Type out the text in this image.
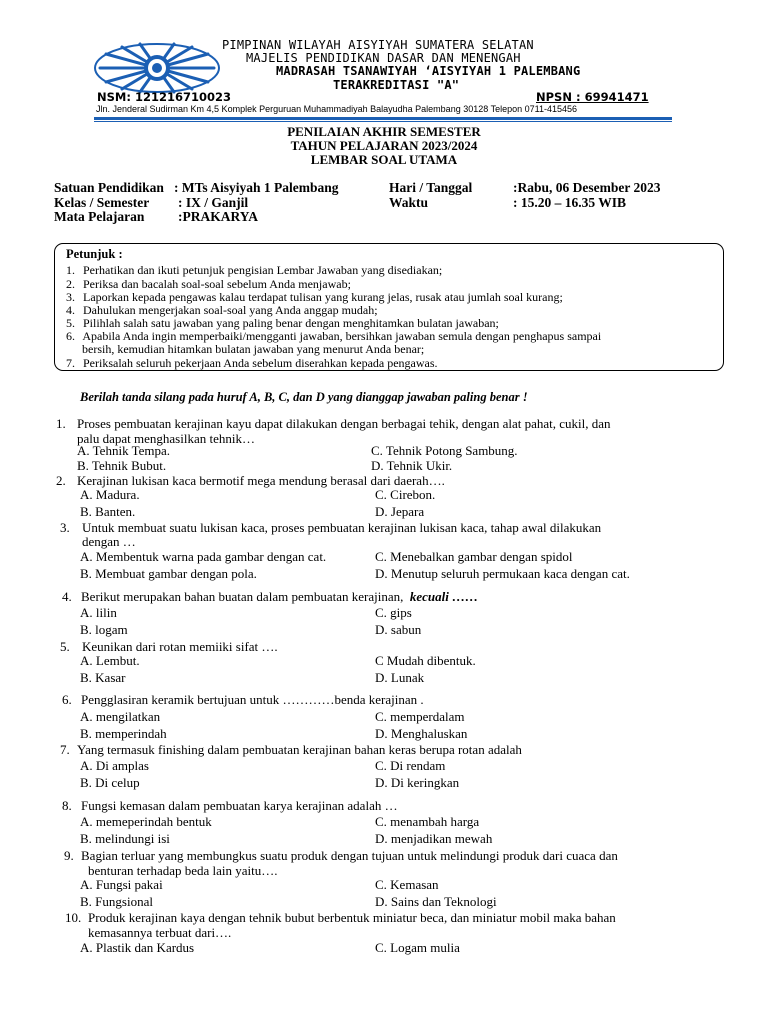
PIMPINAN WILAYAH AISYIYAH SUMATERA SELATAN
MAJELIS PENDIDIKAN DASAR DAN MENENGAH
MADRASAH TSANAWIYAH ‘AISYIYAH 1 PALEMBANG
TERAKREDITASI "A"
NSM: 121216710023	NPSN : 69941471
Jln. Jenderal Sudirman Km 4,5 Komplek Perguruan Muhammadiyah Balayudha Palembang 30128 Telepon 0711-415456
PENILAIAN AKHIR SEMESTER
TAHUN PELAJARAN 2023/2024
LEMBAR SOAL UTAMA
Satuan Pendidikan : MTs Aisyiyah 1 Palembang
Kelas / Semester : IX / Ganjil
Mata Pelajaran :PRAKARYA
Hari / Tanggal	:Rabu, 06 Desember 2023
Waktu	: 15.20 – 16.35 WIB
Petunjuk :
1. Perhatikan dan ikuti petunjuk pengisian Lembar Jawaban yang disediakan;
2. Periksa dan bacalah soal-soal sebelum Anda menjawab;
3. Laporkan kepada pengawas kalau terdapat tulisan yang kurang jelas, rusak atau jumlah soal kurang;
4. Dahulukan mengerjakan soal-soal yang Anda anggap mudah;
5. Pilihlah salah satu jawaban yang paling benar dengan menghitamkan bulatan jawaban;
6. Apabila Anda ingin memperbaiki/mengganti jawaban, bersihkan jawaban semula dengan penghapus sampai
bersih, kemudian hitamkan bulatan jawaban yang menurut Anda benar;
7. Periksalah seluruh pekerjaan Anda sebelum diserahkan kepada pengawas.
Berilah tanda silang pada huruf A, B, C, dan D yang dianggap jawaban paling benar !
1. Proses pembuatan kerajinan kayu dapat dilakukan dengan berbagai tehik, dengan alat pahat, cukil, dan
palu dapat menghasilkan tehnik…
A. Tehnik Tempa.	C. Tehnik Potong Sambung.
B. Tehnik Bubut.	D. Tehnik Ukir.
2. Kerajinan lukisan kaca bermotif mega mendung berasal dari daerah….
A. Madura.	C. Cirebon.
B. Banten.	D. Jepara
3. Untuk membuat suatu lukisan kaca, proses pembuatan kerajinan lukisan kaca, tahap awal dilakukan
dengan …
A. Membentuk warna pada gambar dengan cat.	C. Menebalkan gambar dengan spidol
B. Membuat gambar dengan pola.	D. Menutup seluruh permukaan kaca dengan cat.
4. Berikut merupakan bahan buatan dalam pembuatan kerajinan, kecuali ……
A. lilin	C. gips
B. logam	D. sabun
5. Keunikan dari rotan memiiki sifat ….
A. Lembut.	C Mudah dibentuk.
B. Kasar	D. Lunak
6. Pengglasiran keramik bertujuan untuk …………benda kerajinan .
A. mengilatkan	C. memperdalam
B. memperindah	D. Menghaluskan
7. Yang termasuk finishing dalam pembuatan kerajinan bahan keras berupa rotan adalah
A. Di amplas	C. Di rendam
B. Di celup	D. Di keringkan
8. Fungsi kemasan dalam pembuatan karya kerajinan adalah …
A. memeperindah bentuk	C. menambah harga
B. melindungi isi	D. menjadikan mewah
9. Bagian terluar yang membungkus suatu produk dengan tujuan untuk melindungi produk dari cuaca dan
benturan terhadap beda lain yaitu….
A. Fungsi pakai	C. Kemasan
B. Fungsional	D. Sains dan Teknologi
10. Produk kerajinan kaya dengan tehnik bubut berbentuk miniatur beca, dan miniatur mobil maka bahan
kemasannya terbuat dari….
A. Plastik dan Kardus	C. Logam mulia
